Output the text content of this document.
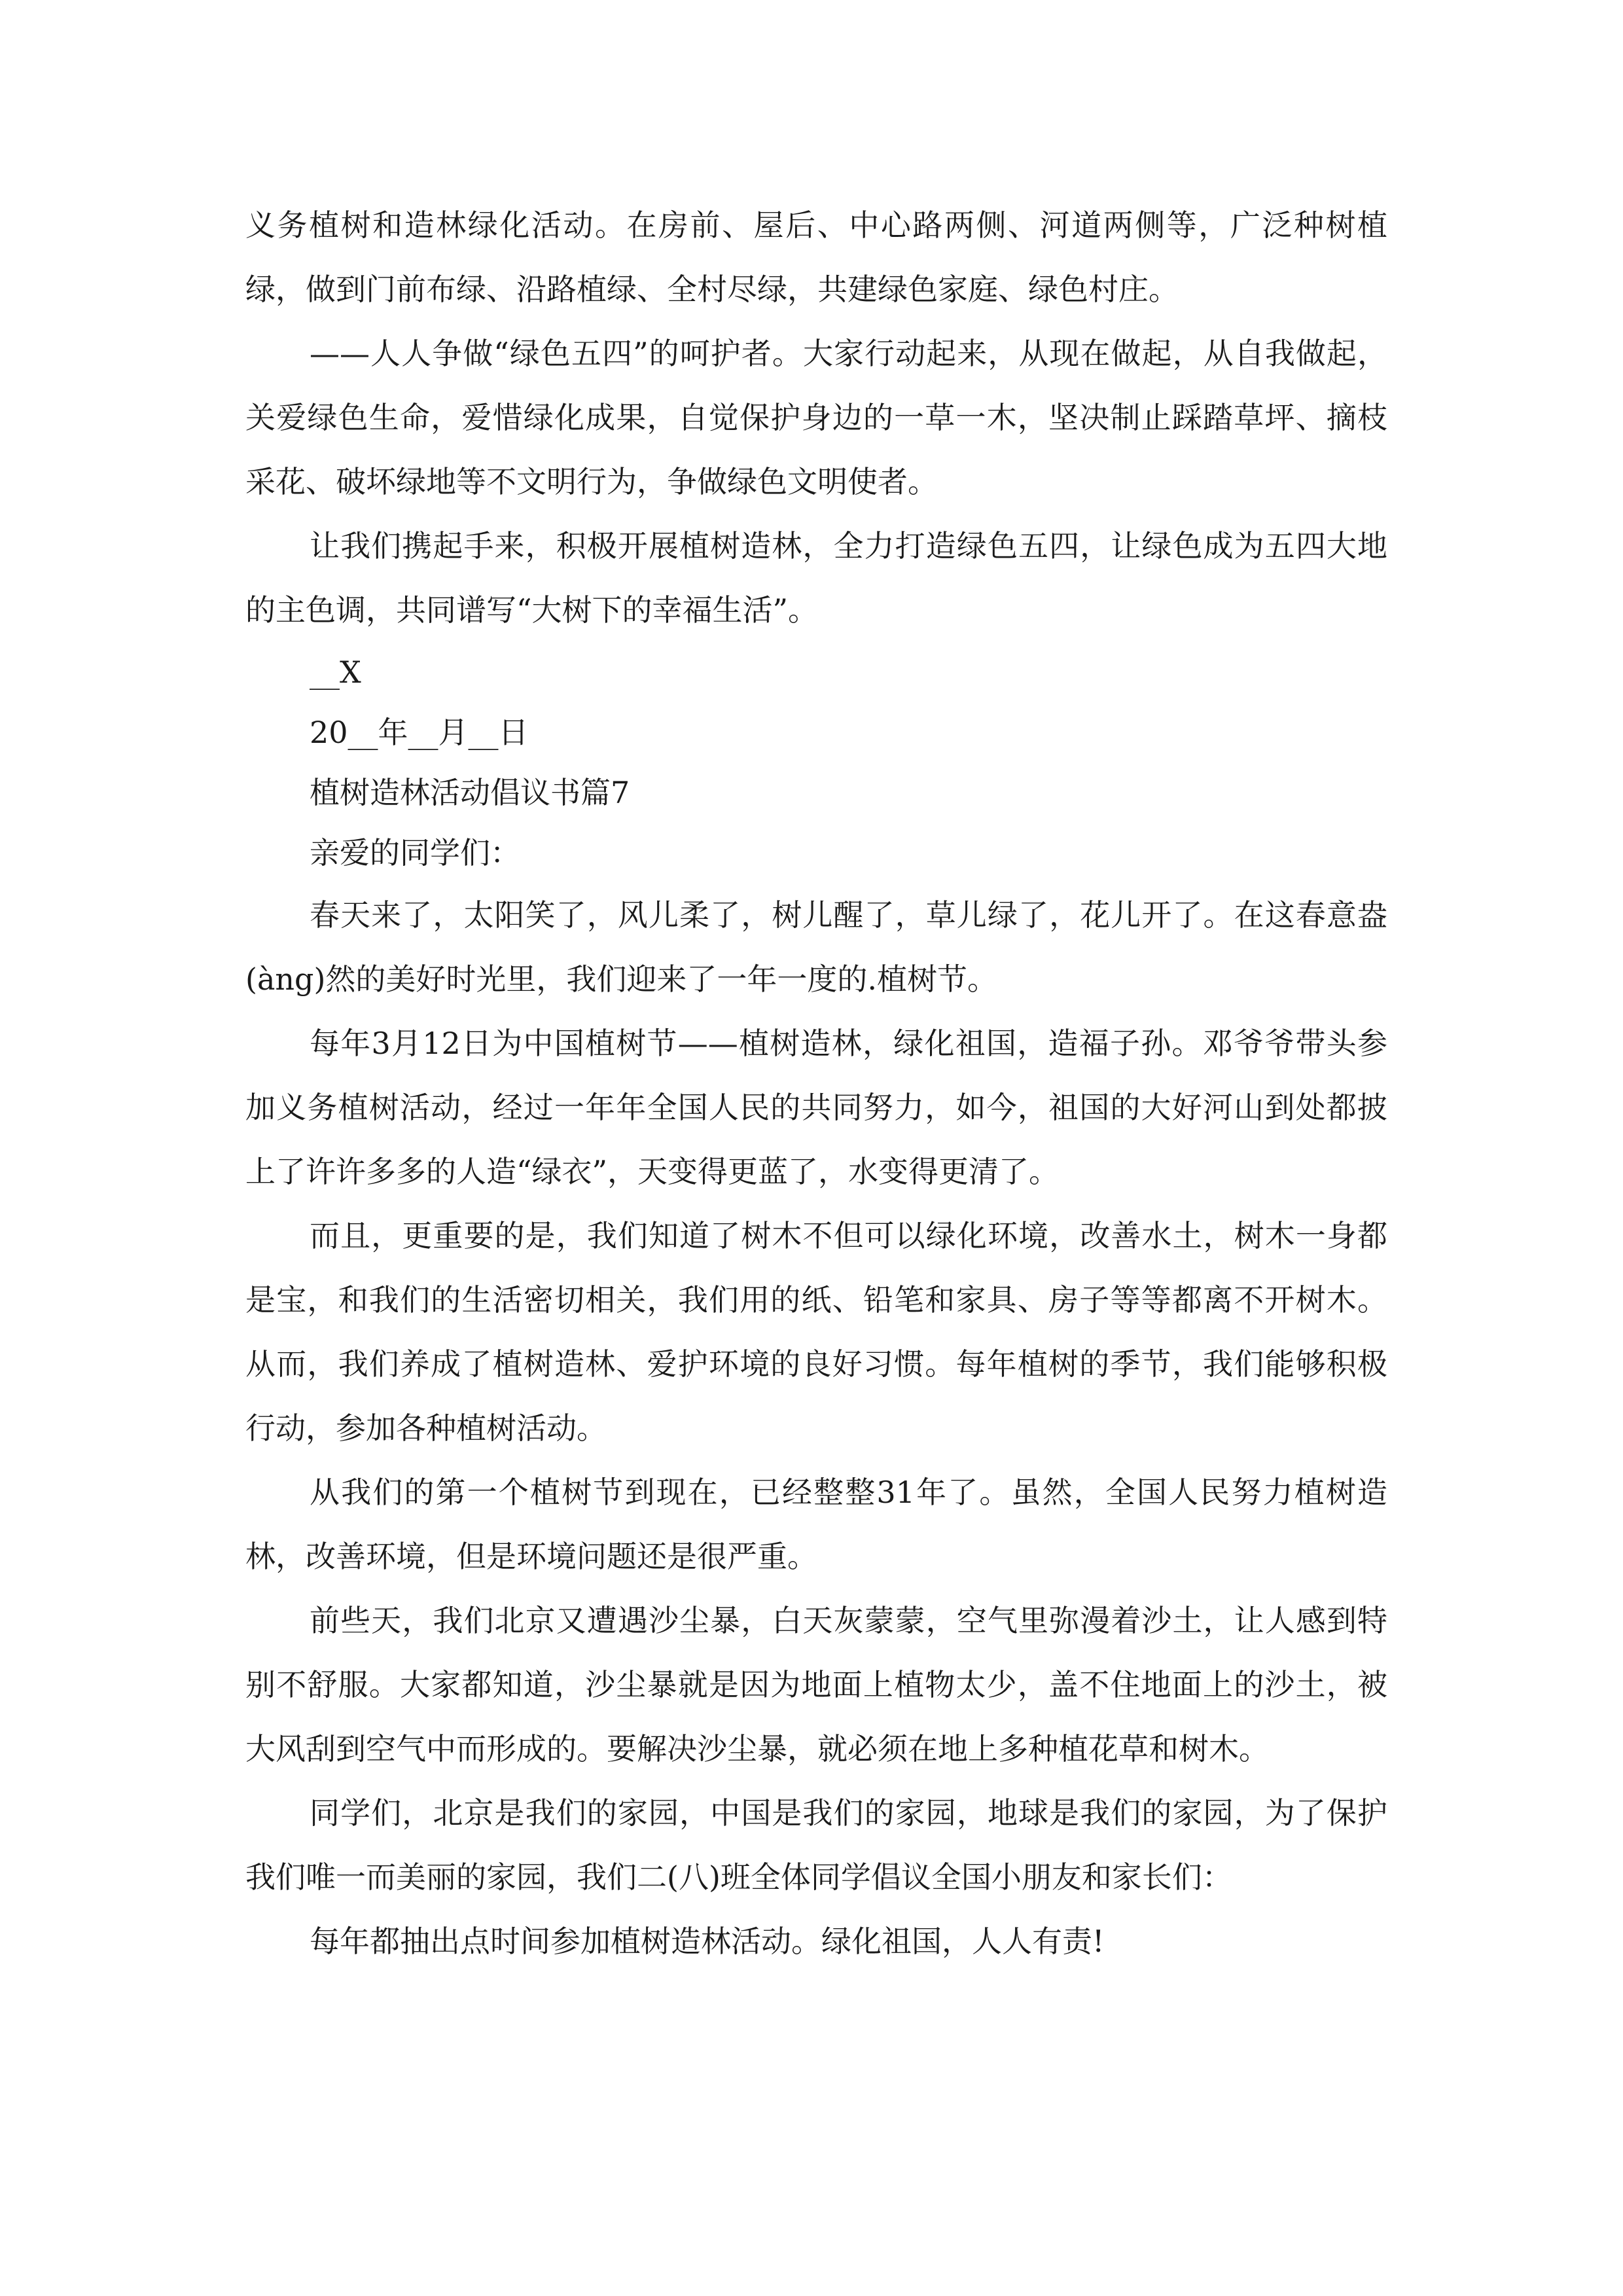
义务植树和造林绿化活动。在房前、屋后、中心路两侧、河道两侧等，广泛种树植绿，做到门前布绿、沿路植绿、全村尽绿，共建绿色家庭、绿色村庄。

——人人争做“绿色五四”的呵护者。大家行动起来，从现在做起，从自我做起，关爱绿色生命，爱惜绿化成果，自觉保护身边的一草一木，坚决制止踩踏草坪、摘枝采花、破坏绿地等不文明行为，争做绿色文明使者。

让我们携起手来，积极开展植树造林，全力打造绿色五四，让绿色成为五四大地的主色调，共同谱写“大树下的幸福生活”。

__X

20__年__月__日

植树造林活动倡议书篇7

亲爱的同学们：

春天来了，太阳笑了，风儿柔了，树儿醒了，草儿绿了，花儿开了。在这春意盎(àng)然的美好时光里，我们迎来了一年一度的.植树节。

每年3月12日为中国植树节——植树造林，绿化祖国，造福子孙。邓爷爷带头参加义务植树活动，经过一年年全国人民的共同努力，如今，祖国的大好河山到处都披上了许许多多的人造“绿衣”，天变得更蓝了，水变得更清了。

而且，更重要的是，我们知道了树木不但可以绿化环境，改善水土，树木一身都是宝，和我们的生活密切相关，我们用的纸、铅笔和家具、房子等等都离不开树木。从而，我们养成了植树造林、爱护环境的良好习惯。每年植树的季节，我们能够积极行动，参加各种植树活动。

从我们的第一个植树节到现在，已经整整31年了。虽然，全国人民努力植树造林，改善环境，但是环境问题还是很严重。

前些天，我们北京又遭遇沙尘暴，白天灰蒙蒙，空气里弥漫着沙土，让人感到特别不舒服。大家都知道，沙尘暴就是因为地面上植物太少，盖不住地面上的沙土，被大风刮到空气中而形成的。要解决沙尘暴，就必须在地上多种植花草和树木。

同学们，北京是我们的家园，中国是我们的家园，地球是我们的家园，为了保护我们唯一而美丽的家园，我们二(八)班全体同学倡议全国小朋友和家长们：

每年都抽出点时间参加植树造林活动。绿化祖国，人人有责!
